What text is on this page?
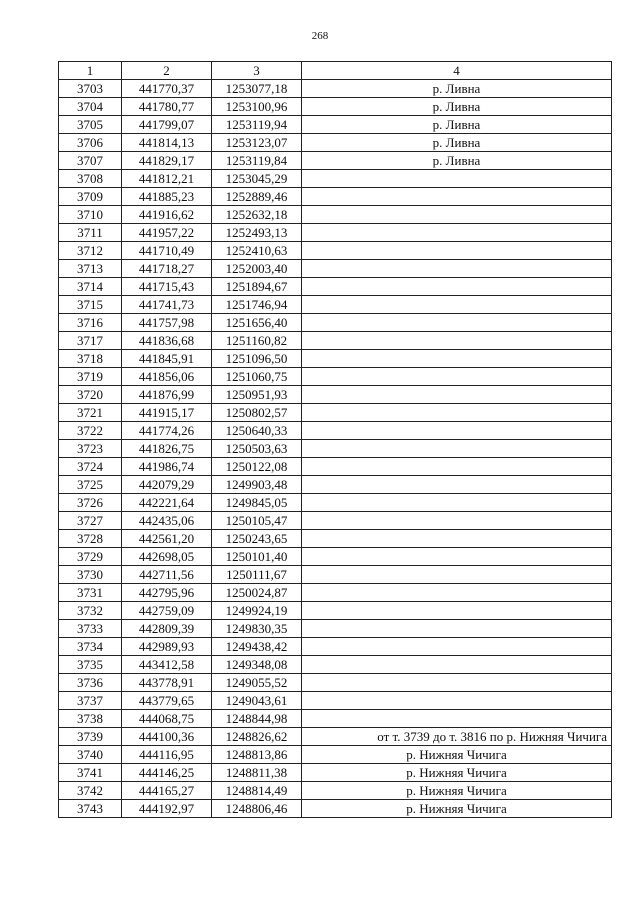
268
1	2	3	4
3703	441770,37	1253077,18	р. Ливна
3704	441780,77	1253100,96	р. Ливна
3705	441799,07	1253119,94	р. Ливна
3706	441814,13	1253123,07	р. Ливна
3707	441829,17	1253119,84	р. Ливна
3708	441812,21	1253045,29	
3709	441885,23	1252889,46	
3710	441916,62	1252632,18	
3711	441957,22	1252493,13	
3712	441710,49	1252410,63	
3713	441718,27	1252003,40	
3714	441715,43	1251894,67	
3715	441741,73	1251746,94	
3716	441757,98	1251656,40	
3717	441836,68	1251160,82	
3718	441845,91	1251096,50	
3719	441856,06	1251060,75	
3720	441876,99	1250951,93	
3721	441915,17	1250802,57	
3722	441774,26	1250640,33	
3723	441826,75	1250503,63	
3724	441986,74	1250122,08	
3725	442079,29	1249903,48	
3726	442221,64	1249845,05	
3727	442435,06	1250105,47	
3728	442561,20	1250243,65	
3729	442698,05	1250101,40	
3730	442711,56	1250111,67	
3731	442795,96	1250024,87	
3732	442759,09	1249924,19	
3733	442809,39	1249830,35	
3734	442989,93	1249438,42	
3735	443412,58	1249348,08	
3736	443778,91	1249055,52	
3737	443779,65	1249043,61	
3738	444068,75	1248844,98	
3739	444100,36	1248826,62	от т. 3739 до т. 3816 по р. Нижняя Чичига
3740	444116,95	1248813,86	р. Нижняя Чичига
3741	444146,25	1248811,38	р. Нижняя Чичига
3742	444165,27	1248814,49	р. Нижняя Чичига
3743	444192,97	1248806,46	р. Нижняя Чичига
